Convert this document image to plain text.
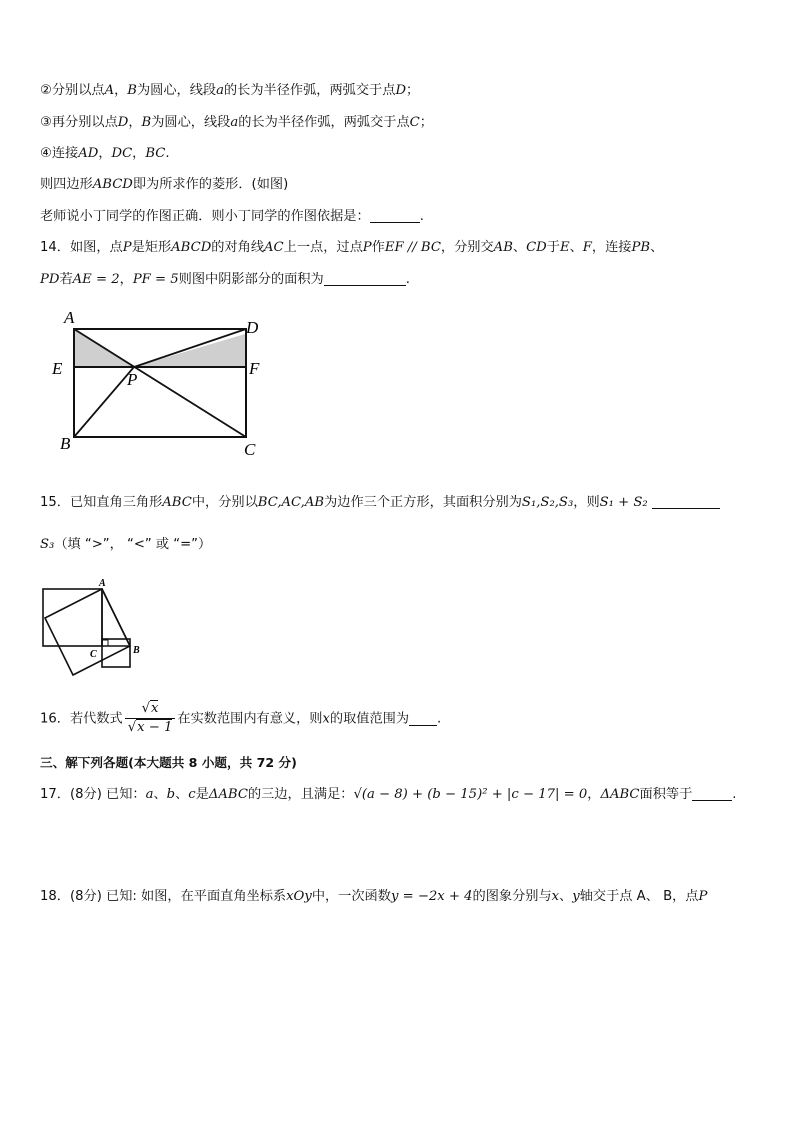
②分别以点A，B为圆心，线段a的长为半径作弧，两弧交于点D；
③再分别以点D，B为圆心，线段a的长为半径作弧，两弧交于点C；
④连接AD，DC，BC.
则四边形ABCD即为所求作的菱形．(如图)
老师说小丁同学的作图正确．则小丁同学的作图依据是：	.
14．如图，点P是矩形ABCD的对角线AC上一点，过点P作EF // BC，分别交AB、CD于E、F，连接PB、
PD若AE = 2，PF = 5则图中阴影部分的面积为	.
A
D
E
P
F
B	C
15．已知直角三角形ABC中，分别以BC,AC,AB为边作三个正方形，其面积分别为S₁,S₂,S₃，则S₁ + S₂
S₃（填 “>”， “<” 或 “=”）
A
C	B
16．若代数式 $\frac{√x}{√x - 1}$ 在实数范围内有意义，则x的取值范围为 .
三、解下列各题(本大题共 8 小题，共 72 分)
17．(8分) 已知：a、b、c是ΔABC的三边，且满足：√(a − 8) + (b − 15)² + |c − 17| = 0，ΔABC面积等于	.
18．(8分) 已知: 如图，在平面直角坐标系xOy中，一次函数y = −2x + 4的图象分别与x、y轴交于点 A、 B，点P
